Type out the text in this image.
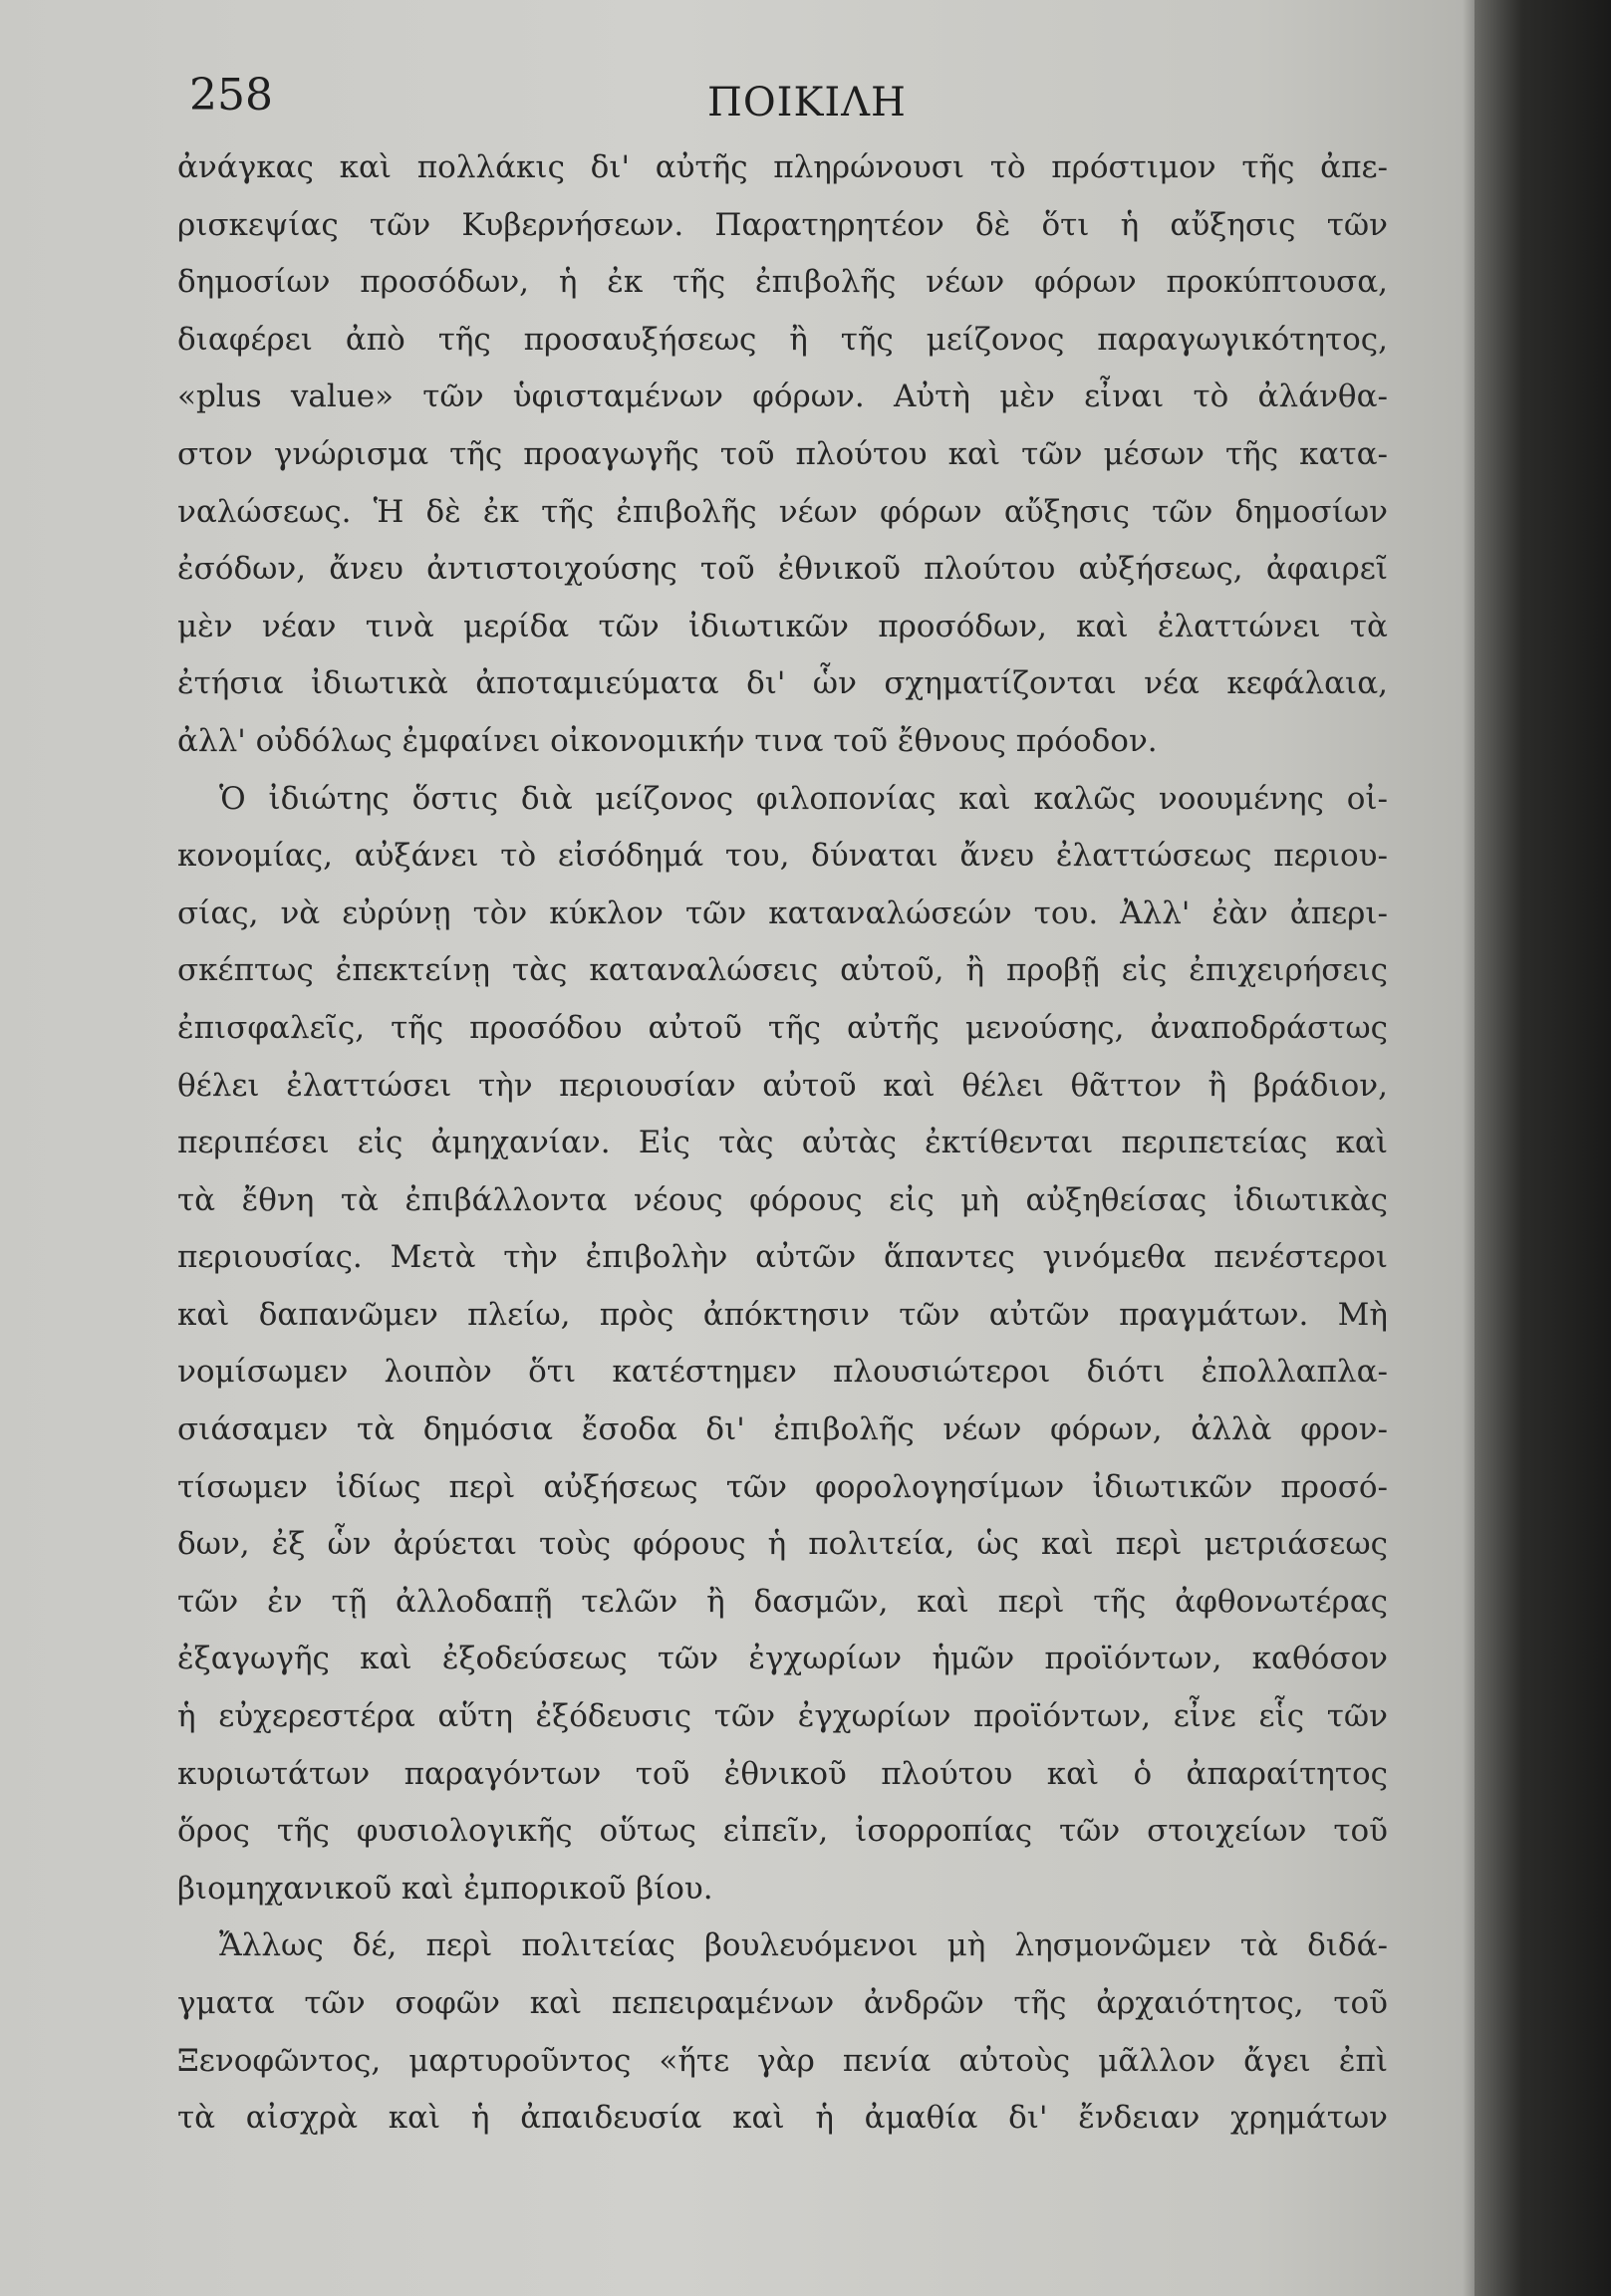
258	ΠΟΙΚΙΛΗ
ἀνάγκας καὶ πολλάκις δι' αὐτῆς πληρώνουσι τὸ πρόστιμον τῆς ἀπε-
ρισκεψίας τῶν Κυβερνήσεων. Παρατηρητέον δὲ ὅτι ἡ αὔξησις τῶν
δημοσίων προσόδων, ἡ ἐκ τῆς ἐπιβολῆς νέων φόρων προκύπτουσα,
διαφέρει ἀπὸ τῆς προσαυξήσεως ἢ τῆς μείζονος παραγωγικότητος,
«plus value» τῶν ὑφισταμένων φόρων. Αὐτὴ μὲν εἶναι τὸ ἀλάνθα-
στον γνώρισμα τῆς προαγωγῆς τοῦ πλούτου καὶ τῶν μέσων τῆς κατα-
ναλώσεως. Ἡ δὲ ἐκ τῆς ἐπιβολῆς νέων φόρων αὔξησις τῶν δημοσίων
ἐσόδων, ἄνευ ἀντιστοιχούσης τοῦ ἐθνικοῦ πλούτου αὐξήσεως, ἀφαιρεῖ
μὲν νέαν τινὰ μερίδα τῶν ἰδιωτικῶν προσόδων, καὶ ἐλαττώνει τὰ
ἐτήσια ἰδιωτικὰ ἀποταμιεύματα δι' ὧν σχηματίζονται νέα κεφάλαια,
ἀλλ' οὐδόλως ἐμφαίνει οἰκονομικήν τινα τοῦ ἔθνους πρόοδον.
Ὁ ἰδιώτης ὅστις διὰ μείζονος φιλοπονίας καὶ καλῶς νοουμένης οἰ-
κονομίας, αὐξάνει τὸ εἰσόδημά του, δύναται ἄνευ ἐλαττώσεως περιου-
σίας, νὰ εὐρύνῃ τὸν κύκλον τῶν καταναλώσεών του. Ἀλλ' ἐὰν ἀπερι-
σκέπτως ἐπεκτείνῃ τὰς καταναλώσεις αὐτοῦ, ἢ προβῇ εἰς ἐπιχειρήσεις
ἐπισφαλεῖς, τῆς προσόδου αὐτοῦ τῆς αὐτῆς μενούσης, ἀναποδράστως
θέλει ἐλαττώσει τὴν περιουσίαν αὐτοῦ καὶ θέλει θᾶττον ἢ βράδιον,
περιπέσει εἰς ἀμηχανίαν. Εἰς τὰς αὐτὰς ἐκτίθενται περιπετείας καὶ
τὰ ἔθνη τὰ ἐπιβάλλοντα νέους φόρους εἰς μὴ αὐξηθείσας ἰδιωτικὰς
περιουσίας. Μετὰ τὴν ἐπιβολὴν αὐτῶν ἅπαντες γινόμεθα πενέστεροι
καὶ δαπανῶμεν πλείω, πρὸς ἀπόκτησιν τῶν αὐτῶν πραγμάτων. Μὴ
νομίσωμεν λοιπὸν ὅτι κατέστημεν πλουσιώτεροι διότι ἐπολλαπλα-
σιάσαμεν τὰ δημόσια ἔσοδα δι' ἐπιβολῆς νέων φόρων, ἀλλὰ φρον-
τίσωμεν ἰδίως περὶ αὐξήσεως τῶν φορολογησίμων ἰδιωτικῶν προσό-
δων, ἐξ ὧν ἀρύεται τοὺς φόρους ἡ πολιτεία, ὡς καὶ περὶ μετριάσεως
τῶν ἐν τῇ ἀλλοδαπῇ τελῶν ἢ δασμῶν, καὶ περὶ τῆς ἀφθονωτέρας
ἐξαγωγῆς καὶ ἐξοδεύσεως τῶν ἐγχωρίων ἡμῶν προϊόντων, καθόσον
ἡ εὐχερεστέρα αὕτη ἐξόδευσις τῶν ἐγχωρίων προϊόντων, εἶνε εἷς τῶν
κυριωτάτων παραγόντων τοῦ ἐθνικοῦ πλούτου καὶ ὁ ἀπαραίτητος
ὅρος τῆς φυσιολογικῆς οὕτως εἰπεῖν, ἰσορροπίας τῶν στοιχείων τοῦ
βιομηχανικοῦ καὶ ἐμπορικοῦ βίου.
Ἄλλως δέ, περὶ πολιτείας βουλευόμενοι μὴ λησμονῶμεν τὰ διδά-
γματα τῶν σοφῶν καὶ πεπειραμένων ἀνδρῶν τῆς ἀρχαιότητος, τοῦ
Ξενοφῶντος, μαρτυροῦντος «ἥτε γὰρ πενία αὐτοὺς μᾶλλον ἄγει ἐπὶ
τὰ αἰσχρὰ καὶ ἡ ἀπαιδευσία καὶ ἡ ἀμαθία δι' ἔνδειαν χρημάτων
